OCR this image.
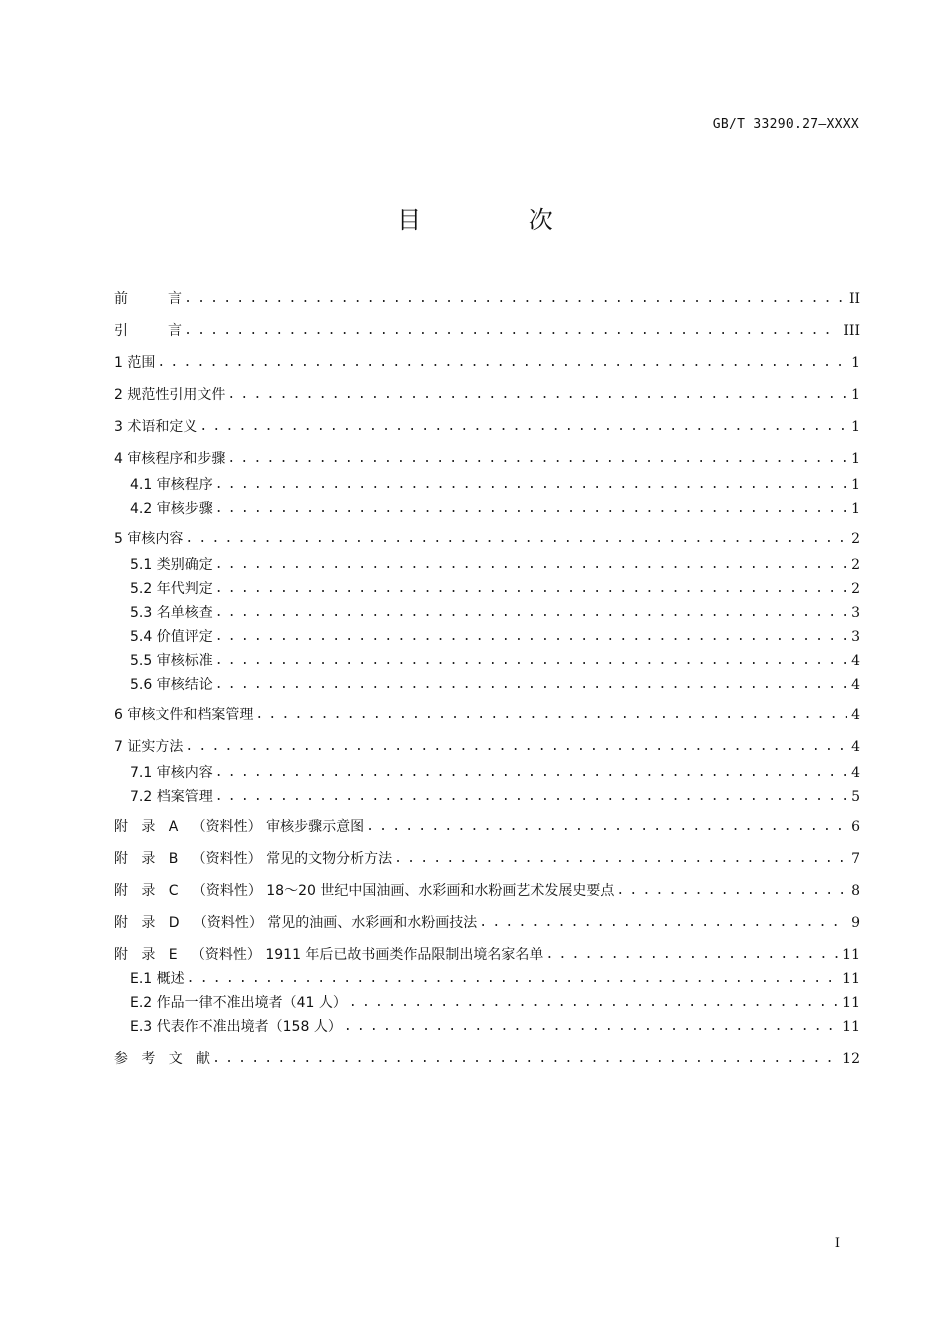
GB/T 33290.27—XXXX
目 次
前         言 . . .	II
引         言 . . .	III
1 范围 . . .	1
2 规范性引用文件 . . .	1
3 术语和定义 . . .	1
4 审核程序和步骤 . . .	1
4.1 审核程序 . . .	1
4.2 审核步骤 . . .	1
5 审核内容 . . .	2
5.1 类别确定 . . .	2
5.2 年代判定 . . .	2
5.3 名单核查 . . .	3
5.4 价值评定 . . .	3
5.5 审核标准 . . .	4
5.6 审核结论 . . .	4
6 审核文件和档案管理 . . .	4
7 证实方法 . . .	4
7.1 审核内容 . . .	4
7.2 档案管理 . . .	5
附   录   A   （资料性） 审核步骤示意图 . . .	6
附   录   B   （资料性） 常见的文物分析方法 . . .	7
附   录   C   （资料性） 18～20 世纪中国油画、水彩画和水粉画艺术发展史要点 . . .	8
附   录   D   （资料性） 常见的油画、水彩画和水粉画技法 . . .	9
附   录   E   （资料性） 1911 年后已故书画类作品限制出境名家名单 . . .	11
E.1 概述 . . .	11
E.2 作品一律不准出境者（41 人） . . .	11
E.3 代表作不准出境者（158 人） . . .	11
参   考   文   献 . . .	12
I
